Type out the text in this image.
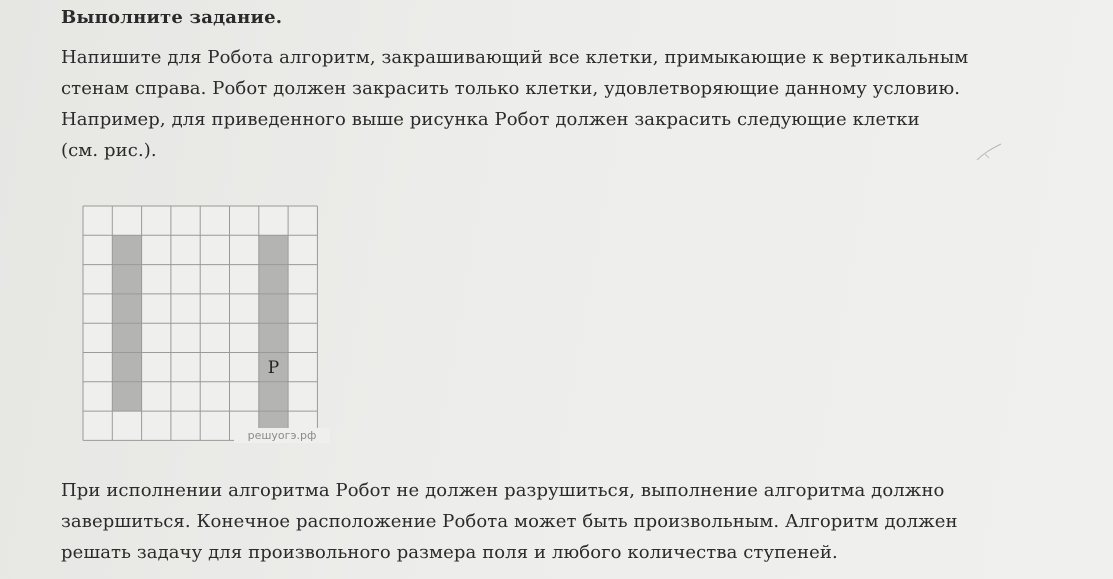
Выполните задание.
Напишите для Робота алгоритм, закрашивающий все клетки, примыкающие к вертикальным
стенам справа. Робот должен закрасить только клетки, удовлетворяющие данному условию.
Например, для приведенного выше рисунка Робот должен закрасить следующие клетки
(см. рис.).
Р
решуогэ.рф
При исполнении алгоритма Робот не должен разрушиться, выполнение алгоритма должно
завершиться. Конечное расположение Робота может быть произвольным. Алгоритм должен
решать задачу для произвольного размера поля и любого количества ступеней.
